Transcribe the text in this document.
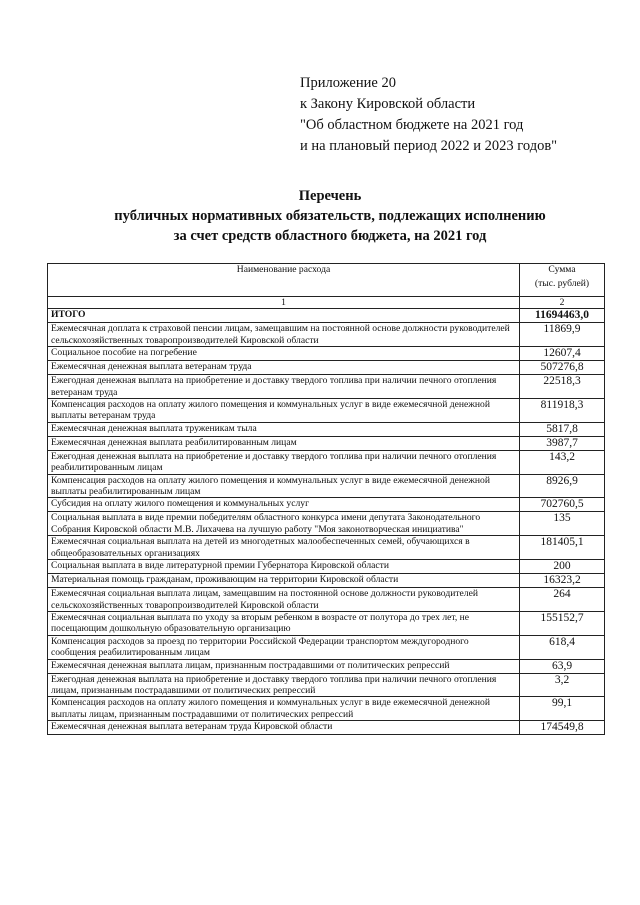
Приложение 20
к Закону Кировской области
"Об областном бюджете на 2021 год
и на плановый период 2022 и 2023 годов"
Перечень
публичных нормативных обязательств, подлежащих исполнению
за счет средств областного бюджета, на 2021 год
Наименование расхода	Сумма
(тыс. рублей)

1	2
ИТОГО	11694463,0
Ежемесячная доплата к страховой пенсии лицам, замещавшим на постоянной основе должности руководителей сельскохозяйственных товаропроизводителей Кировской области	11869,9
Социальное пособие на погребение	12607,4
Ежемесячная денежная выплата ветеранам труда	507276,8
Ежегодная денежная выплата на приобретение и доставку твердого топлива при наличии печного отопления ветеранам труда	22518,3
Компенсация расходов на оплату жилого помещения и коммунальных услуг в виде ежемесячной денежной выплаты ветеранам труда	811918,3
Ежемесячная денежная выплата труженикам тыла	5817,8
Ежемесячная денежная выплата реабилитированным лицам	3987,7
Ежегодная денежная выплата на приобретение и доставку твердого топлива при наличии печного отопления реабилитированным лицам	143,2
Компенсация расходов на оплату жилого помещения и коммунальных услуг в виде ежемесячной денежной выплаты реабилитированным лицам	8926,9
Субсидия на оплату жилого помещения и коммунальных услуг	702760,5
Социальная выплата в виде премии победителям областного конкурса имени депутата Законодательного Собрания Кировской области М.В. Лихачева на лучшую работу "Моя законотворческая инициатива"	135
Ежемесячная социальная выплата на детей из многодетных малообеспеченных семей, обучающихся в общеобразовательных организациях	181405,1
Социальная выплата в виде литературной премии Губернатора Кировской области	200
Материальная помощь гражданам, проживающим на территории Кировской области	16323,2
Ежемесячная социальная выплата лицам, замещавшим на постоянной основе должности руководителей сельскохозяйственных товаропроизводителей Кировской области	264
Ежемесячная социальная выплата по уходу за вторым ребенком в возрасте от полутора до трех лет, не посещающим дошкольную образовательную организацию	155152,7
Компенсация расходов за проезд по территории Российской Федерации транспортом междугородного сообщения реабилитированным лицам	618,4
Ежемесячная денежная выплата лицам, признанным пострадавшими от политических репрессий	63,9
Ежегодная денежная выплата на приобретение и доставку твердого топлива при наличии печного отопления лицам, признанным пострадавшими от политических репрессий	3,2
Компенсация расходов на оплату жилого помещения и коммунальных услуг в виде ежемесячной денежной выплаты лицам, признанным пострадавшими от политических репрессий	99,1
Ежемесячная денежная выплата ветеранам труда Кировской области	174549,8
